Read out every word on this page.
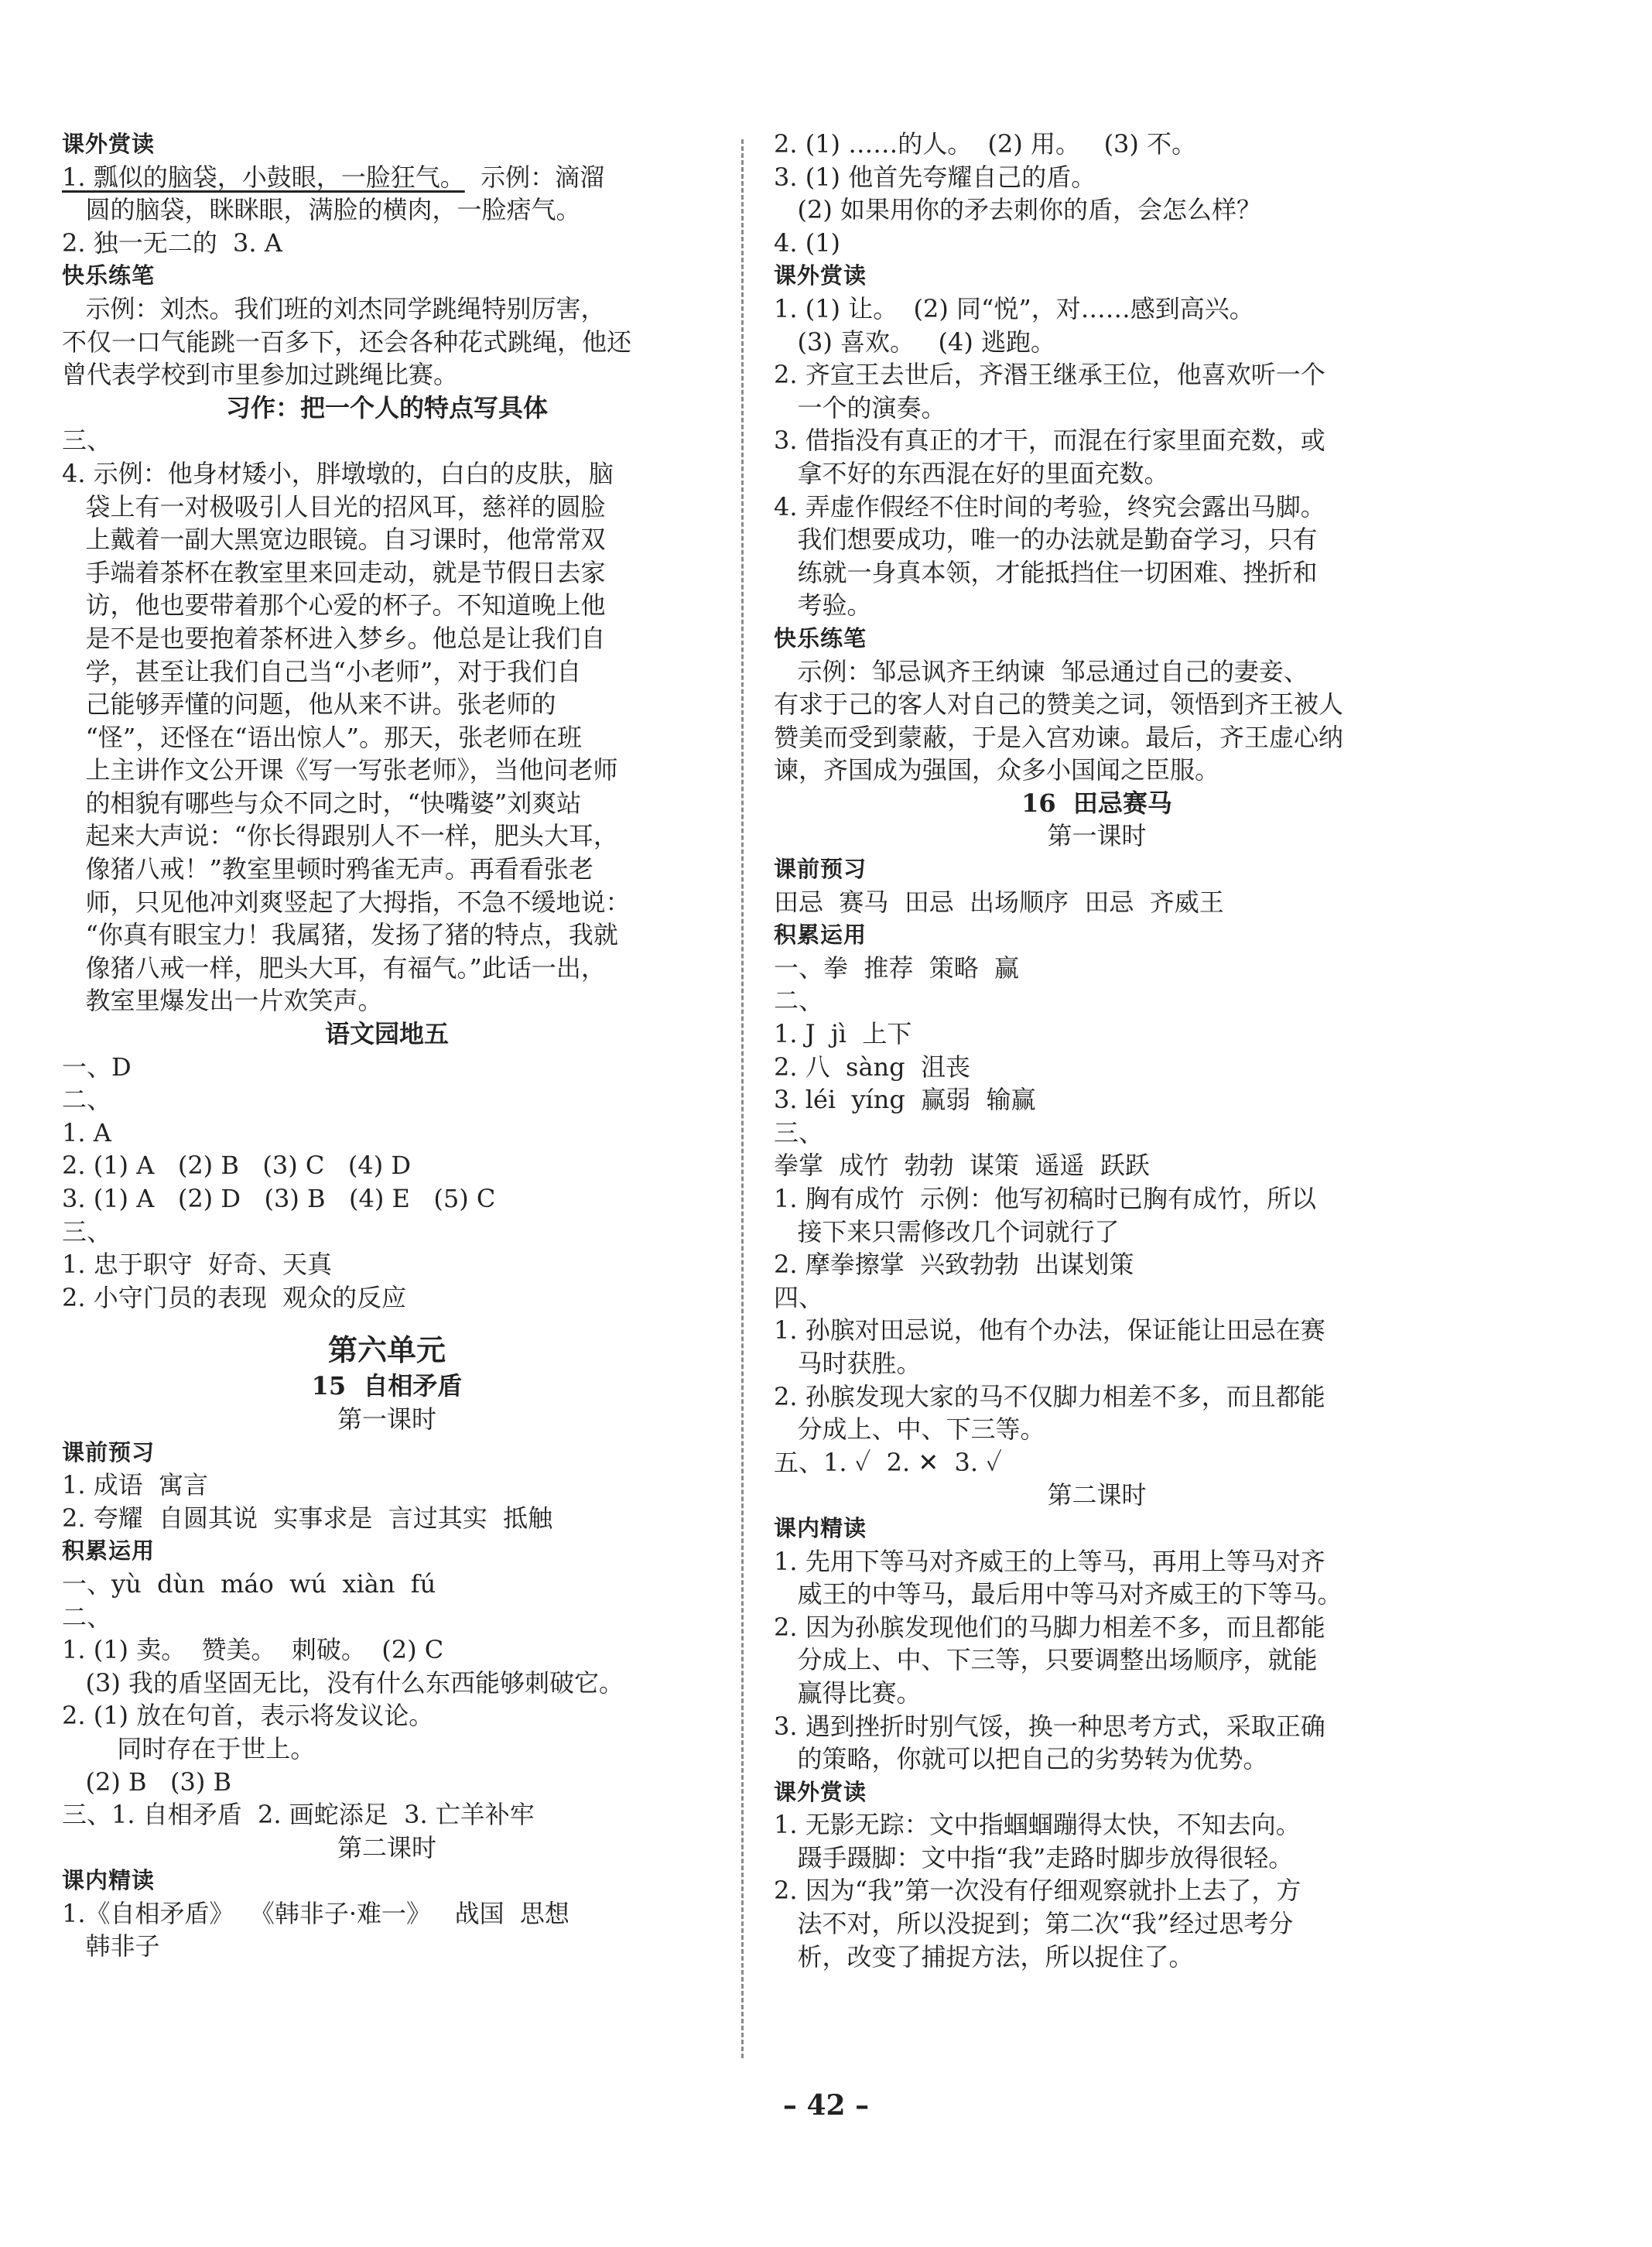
课外赏读

1. 瓢似的脑袋，小鼓眼，一脸狂气。  示例：滴溜

圆的脑袋，眯眯眼，满脸的横肉，一脸痞气。

2. 独一无二的  3. A

快乐练笔

示例：刘杰。我们班的刘杰同学跳绳特别厉害，

不仅一口气能跳一百多下，还会各种花式跳绳，他还

曾代表学校到市里参加过跳绳比赛。

习作：把一个人的特点写具体

三、

4. 示例：他身材矮小，胖墩墩的，白白的皮肤，脑

袋上有一对极吸引人目光的招风耳，慈祥的圆脸

上戴着一副大黑宽边眼镜。自习课时，他常常双

手端着茶杯在教室里来回走动，就是节假日去家

访，他也要带着那个心爱的杯子。不知道晚上他

是不是也要抱着茶杯进入梦乡。他总是让我们自

学，甚至让我们自己当“小老师”，对于我们自

己能够弄懂的问题，他从来不讲。张老师的

“怪”，还怪在“语出惊人”。那天，张老师在班

上主讲作文公开课《写一写张老师》，当他问老师

的相貌有哪些与众不同之时，“快嘴婆”刘爽站

起来大声说：“你长得跟别人不一样，肥头大耳，

像猪八戒！”教室里顿时鸦雀无声。再看看张老

师，只见他冲刘爽竖起了大拇指，不急不缓地说：

“你真有眼宝力！我属猪，发扬了猪的特点，我就

像猪八戒一样，肥头大耳，有福气。”此话一出，

教室里爆发出一片欢笑声。

语文园地五

一、D

二、

1. A

2. (1) A   (2) B   (3) C   (4) D

3. (1) A   (2) D   (3) B   (4) E   (5) C

三、

1. 忠于职守  好奇、天真

2. 小守门员的表现  观众的反应

第六单元

15  自相矛盾

第一课时

课前预习

1. 成语  寓言

2. 夸耀  自圆其说  实事求是  言过其实  抵触

积累运用

一、yù  dùn  máo  wú  xiàn  fú

二、

1. (1) 卖。  赞美。  刺破。  (2) C

(3) 我的盾坚固无比，没有什么东西能够刺破它。

2. (1) 放在句首，表示将发议论。

同时存在于世上。

(2) B   (3) B

三、1. 自相矛盾  2. 画蛇添足  3. 亡羊补牢

第二课时

课内精读

1.《自相矛盾》  《韩非子·难一》   战国  思想

韩非子

2. (1) ……的人。  (2) 用。   (3) 不。

3. (1) 他首先夸耀自己的盾。

(2) 如果用你的矛去刺你的盾，会怎么样？

4. (1)

课外赏读

1. (1) 让。  (2) 同“悦”，对……感到高兴。

(3) 喜欢。   (4) 逃跑。

2. 齐宣王去世后，齐湣王继承王位，他喜欢听一个

一个的演奏。

3. 借指没有真正的才干，而混在行家里面充数，或

拿不好的东西混在好的里面充数。

4. 弄虚作假经不住时间的考验，终究会露出马脚。

我们想要成功，唯一的办法就是勤奋学习，只有

练就一身真本领，才能抵挡住一切困难、挫折和

考验。

快乐练笔

示例：邹忌讽齐王纳谏  邹忌通过自己的妻妾、

有求于己的客人对自己的赞美之词，领悟到齐王被人

赞美而受到蒙蔽，于是入宫劝谏。最后，齐王虚心纳

谏，齐国成为强国，众多小国闻之臣服。

16  田忌赛马

第一课时

课前预习

田忌  赛马  田忌  出场顺序  田忌  齐威王

积累运用

一、拳  推荐  策略  赢

二、

1. J  jì  上下

2. 八  sàng  沮丧

3. léi  yíng  赢弱  输赢

三、

拳掌  成竹  勃勃  谋策  遥遥  跃跃

1. 胸有成竹  示例：他写初稿时已胸有成竹，所以

接下来只需修改几个词就行了

2. 摩拳擦掌  兴致勃勃  出谋划策

四、

1. 孙膑对田忌说，他有个办法，保证能让田忌在赛

马时获胜。

2. 孙膑发现大家的马不仅脚力相差不多，而且都能

分成上、中、下三等。

五、1. ✓  2. ✕  3. ✓

第二课时

课内精读

1. 先用下等马对齐威王的上等马，再用上等马对齐

威王的中等马，最后用中等马对齐威王的下等马。

2. 因为孙膑发现他们的马脚力相差不多，而且都能

分成上、中、下三等，只要调整出场顺序，就能

赢得比赛。

3. 遇到挫折时别气馁，换一种思考方式，采取正确

的策略，你就可以把自己的劣势转为优势。

课外赏读

1. 无影无踪：文中指蝈蝈蹦得太快，不知去向。

蹑手蹑脚：文中指“我”走路时脚步放得很轻。

2. 因为“我”第一次没有仔细观察就扑上去了，方

法不对，所以没捉到；第二次“我”经过思考分

析，改变了捕捉方法，所以捉住了。

– 42 –
